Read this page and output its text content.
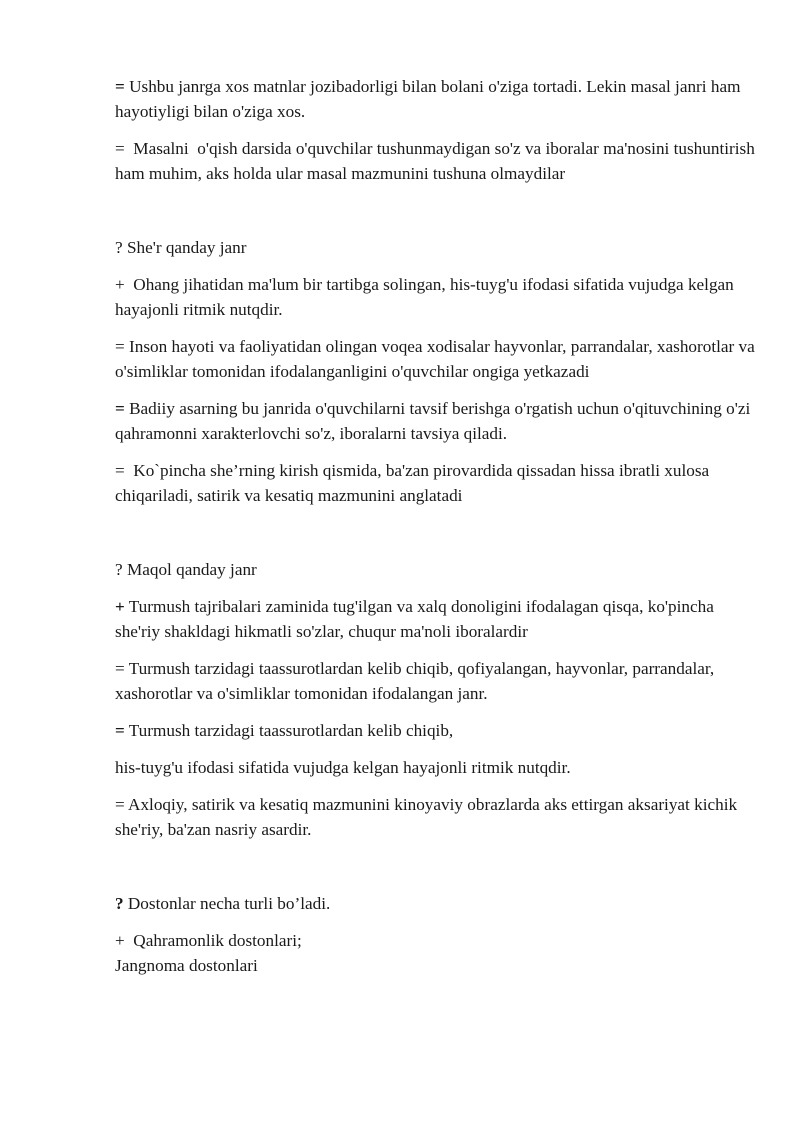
= Ushbu janrga xos matnlar jozibadorligi bilan bolani o'ziga tortadi. Lekin masal janri ham hayotiyligi bilan o'ziga xos.

=  Masalni  o'qish darsida o'quvchilar tushunmaydigan so'z va iboralar ma'nosini tushuntirish ham muhim, aks holda ular masal mazmunini tushuna olmaydilar

? She'r qanday janr

+  Ohang jihatidan ma'lum bir tartibga solingan, his-tuyg'u ifodasi sifatida vujudga kelgan hayajonli ritmik nutqdir.

= Inson hayoti va faoliyatidan olingan voqea xodisalar hayvonlar, parrandalar, xashorotlar va o'simliklar tomonidan ifodalanganligini o'quvchilar ongiga yetkazadi

= Badiiy asarning bu janrida o'quvchilarni tavsif berishga o'rgatish uchun o'qituvchining o'zi qahramonni xarakterlovchi so'z, iboralarni tavsiya qiladi.

=  Ko`pincha she’rning kirish qismida, ba'zan pirovardida qissadan hissa ibratli xulosa chiqariladi, satirik va kesatiq mazmunini anglatadi

? Maqol qanday janr

+ Turmush tajribalari zaminida tug'ilgan va xalq donoligini ifodalagan qisqa, ko'pincha she'riy shakldagi hikmatli so'zlar, chuqur ma'noli iboralardir

= Turmush tarzidagi taassurotlardan kelib chiqib, qofiyalangan, hayvonlar, parrandalar, xashorotlar va o'simliklar tomonidan ifodalangan janr.

= Turmush tarzidagi taassurotlardan kelib chiqib,

his-tuyg'u ifodasi sifatida vujudga kelgan hayajonli ritmik nutqdir.

= Axloqiy, satirik va kesatiq mazmunini kinoyaviy obrazlarda aks ettirgan aksariyat kichik she'riy, ba'zan nasriy asardir.

? Dostonlar necha turli bo’ladi.

+  Qahramonlik dostonlari;

Jangnoma dostonlari
